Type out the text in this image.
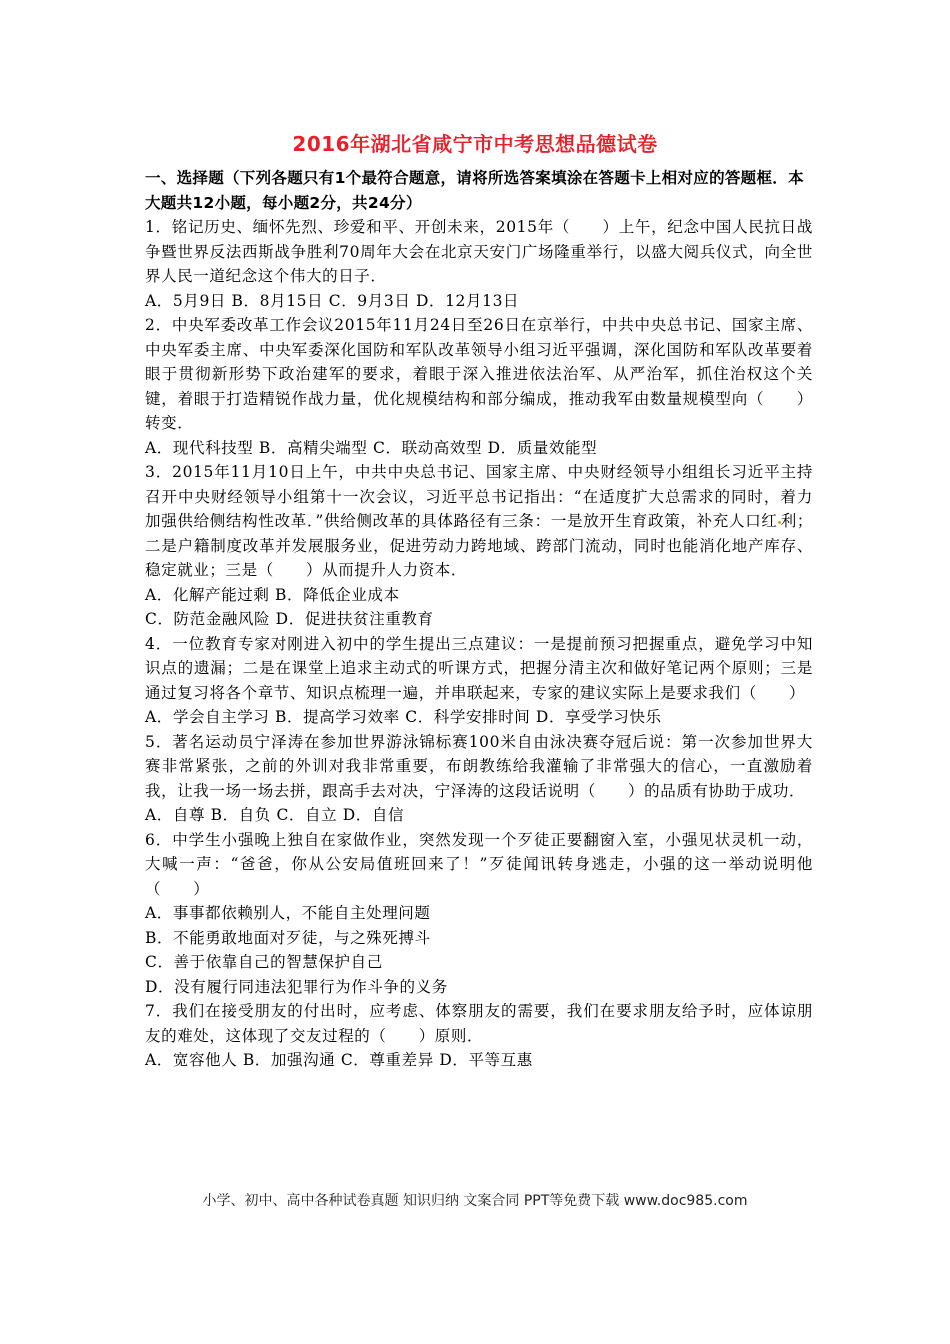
2016年湖北省咸宁市中考思想品德试卷
一、选择题（下列各题只有1个最符合题意，请将所选答案填涂在答题卡上相对应的答题框．本大题共12小题，每小题2分，共24分）
1．铭记历史、缅怀先烈、珍爱和平、开创未来，2015年（　　）上午，纪念中国人民抗日战争暨世界反法西斯战争胜利70周年大会在北京天安门广场隆重举行，以盛大阅兵仪式，向全世界人民一道纪念这个伟大的日子．
A．5月9日 B．8月15日 C．9月3日 D．12月13日
2．中央军委改革工作会议2015年11月24日至26日在京举行，中共中央总书记、国家主席、中央军委主席、中央军委深化国防和军队改革领导小组习近平强调，深化国防和军队改革要着眼于贯彻新形势下政治建军的要求，着眼于深入推进依法治军、从严治军，抓住治权这个关键，着眼于打造精锐作战力量，优化规模结构和部分编成，推动我军由数量规模型向（　　）转变．
A．现代科技型 B．高精尖端型 C．联动高效型 D．质量效能型
3．2015年11月10日上午，中共中央总书记、国家主席、中央财经领导小组组长习近平主持召开中央财经领导小组第十一次会议，习近平总书记指出：“在适度扩大总需求的同时，着力加强供给侧结构性改革．”供给侧改革的具体路径有三条：一是放开生育政策，补充人口红 利；二是户籍制度改革并发展服务业，促进劳动力跨地域、跨部门流动，同时也能消化地产库存、稳定就业；三是（　　）从而提升人力资本．
A．化解产能过剩 B．降低企业成本
C．防范金融风险 D．促进扶贫注重教育
4．一位教育专家对刚进入初中的学生提出三点建议：一是提前预习把握重点，避免学习中知识点的遗漏；二是在课堂上追求主动式的听课方式，把握分清主次和做好笔记两个原则；三是通过复习将各个章节、知识点梳理一遍，并串联起来，专家的建议实际上是要求我们（　　）
A．学会自主学习 B．提高学习效率 C．科学安排时间 D．享受学习快乐
5．著名运动员宁泽涛在参加世界游泳锦标赛100米自由泳决赛夺冠后说：第一次参加世界大赛非常紧张，之前的外训对我非常重要，布朗教练给我灌输了非常强大的信心，一直激励着我，让我一场一场去拼，跟高手去对决，宁泽涛的这段话说明（　　）的品质有协助于成功．
A．自尊 B．自负 C．自立 D．自信
6．中学生小强晚上独自在家做作业，突然发现一个歹徒正要翻窗入室，小强见状灵机一动，大喊一声：“爸爸，你从公安局值班回来了！”歹徒闻讯转身逃走，小强的这一举动说明他（　　）
A．事事都依赖别人，不能自主处理问题
B．不能勇敢地面对歹徒，与之殊死搏斗
C．善于依靠自己的智慧保护自己
D．没有履行同违法犯罪行为作斗争的义务
7．我们在接受朋友的付出时，应考虑、体察朋友的需要，我们在要求朋友给予时，应体谅朋友的难处，这体现了交友过程的（　　）原则．
A．宽容他人 B．加强沟通 C．尊重差异 D．平等互惠
小学、初中、高中各种试卷真题 知识归纳 文案合同 PPT等免费下载 www.doc985.com
